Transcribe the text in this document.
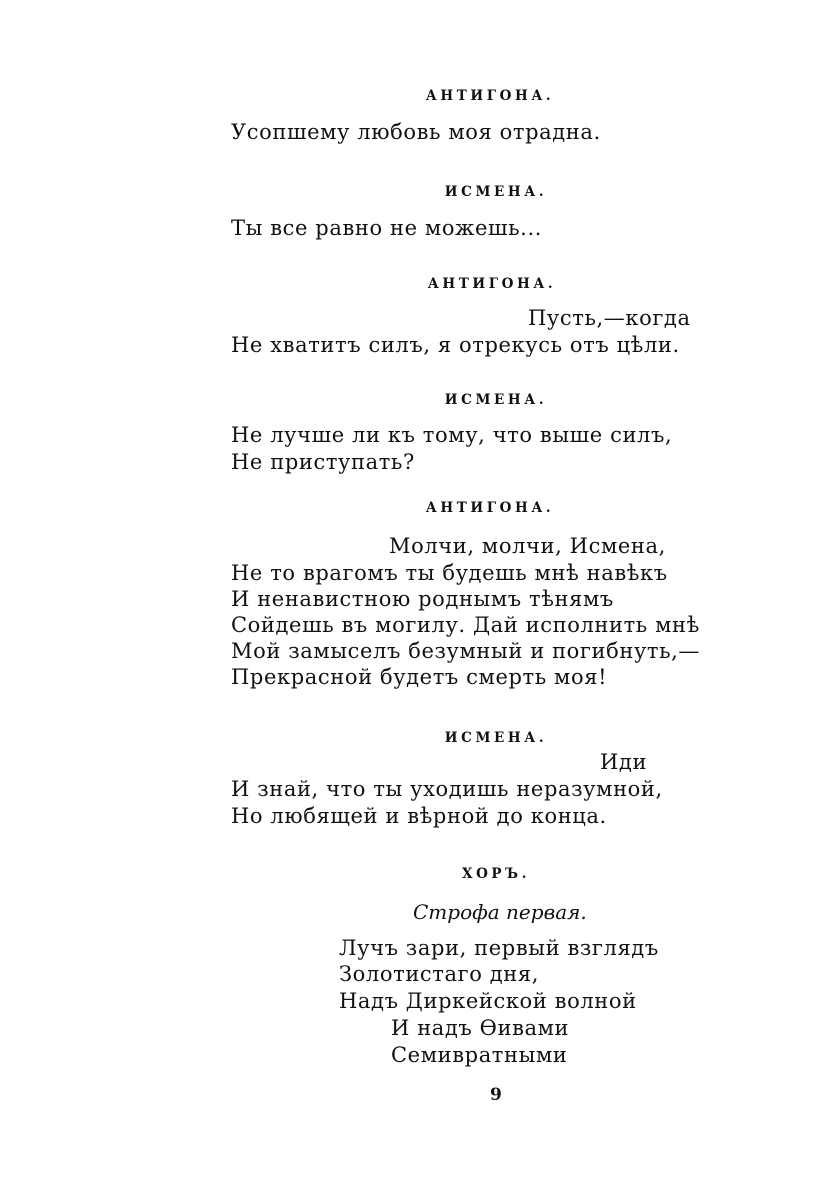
АНТИГОНА.
Усопшему любовь моя отрадна.
ИСМЕНА.
Ты все равно не можешь...
АНТИГОНА.
Пусть,—когда
Не хватитъ силъ, я отрекусь отъ цѣли.
ИСМЕНА.
Не лучше ли къ тому, что выше силъ,
Не приступать?
АНТИГОНА.
Молчи, молчи, Исмена,
Не то врагомъ ты будешь мнѣ навѣкъ
И ненавистною роднымъ тѣнямъ
Сойдешь въ могилу. Дай исполнить мнѣ
Мой замыселъ безумный и погибнуть,—
Прекрасной будетъ смерть моя!
ИСМЕНА.
Иди
И знай, что ты уходишь неразумной,
Но любящей и вѣрной до конца.
ХОРЪ.
Строфа первая.
Лучъ зари, первый взглядъ
Золотистаго дня,
Надъ Диркейской волной
И надъ Ѳивами
Семивратными
9
